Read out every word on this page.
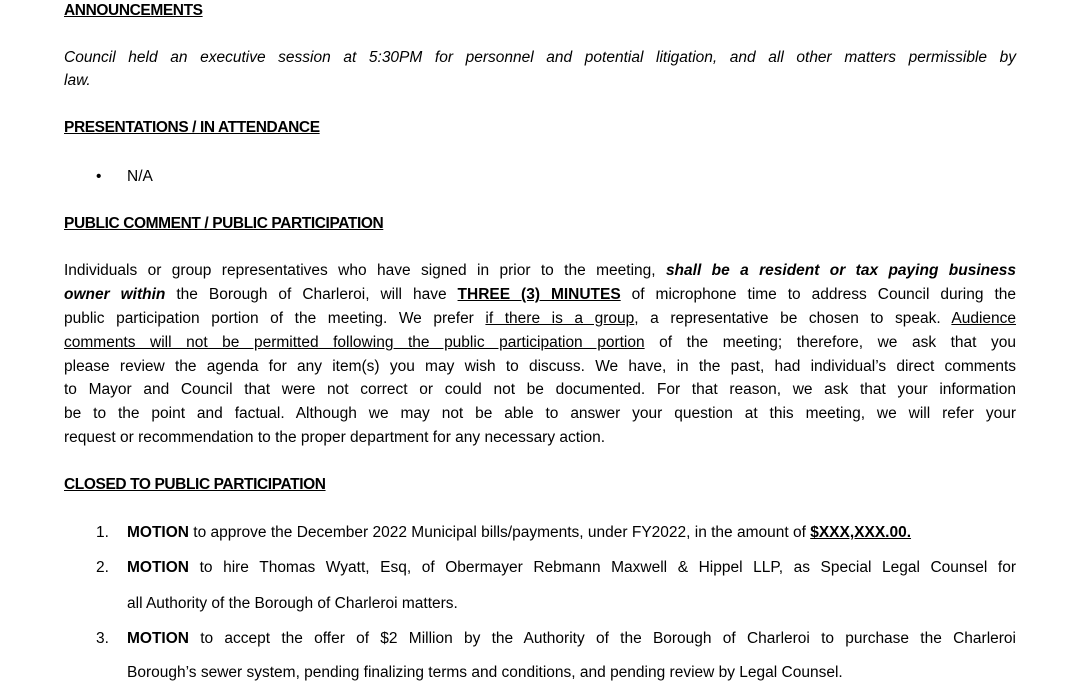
ANNOUNCEMENTS
Council held an executive session at 5:30PM for personnel and potential litigation, and all other matters permissible by
law.
PRESENTATIONS / IN ATTENDANCE
• N/A
PUBLIC COMMENT / PUBLIC PARTICIPATION
Individuals or group representatives who have signed in prior to the meeting, shall be a resident or tax paying business
owner within the Borough of Charleroi, will have THREE (3) MINUTES of microphone time to address Council during the
public participation portion of the meeting. We prefer if there is a group, a representative be chosen to speak. Audience
comments will not be permitted following the public participation portion of the meeting; therefore, we ask that you
please review the agenda for any item(s) you may wish to discuss. We have, in the past, had individual’s direct comments
to Mayor and Council that were not correct or could not be documented. For that reason, we ask that your information
be to the point and factual. Although we may not be able to answer your question at this meeting, we will refer your
request or recommendation to the proper department for any necessary action.
CLOSED TO PUBLIC PARTICIPATION
1. MOTION to approve the December 2022 Municipal bills/payments, under FY2022, in the amount of $XXX,XXX.00.
2. MOTION to hire Thomas Wyatt, Esq, of Obermayer Rebmann Maxwell & Hippel LLP, as Special Legal Counsel for
all Authority of the Borough of Charleroi matters.
3. MOTION to accept the offer of $2 Million by the Authority of the Borough of Charleroi to purchase the Charleroi
Borough’s sewer system, pending finalizing terms and conditions, and pending review by Legal Counsel.
